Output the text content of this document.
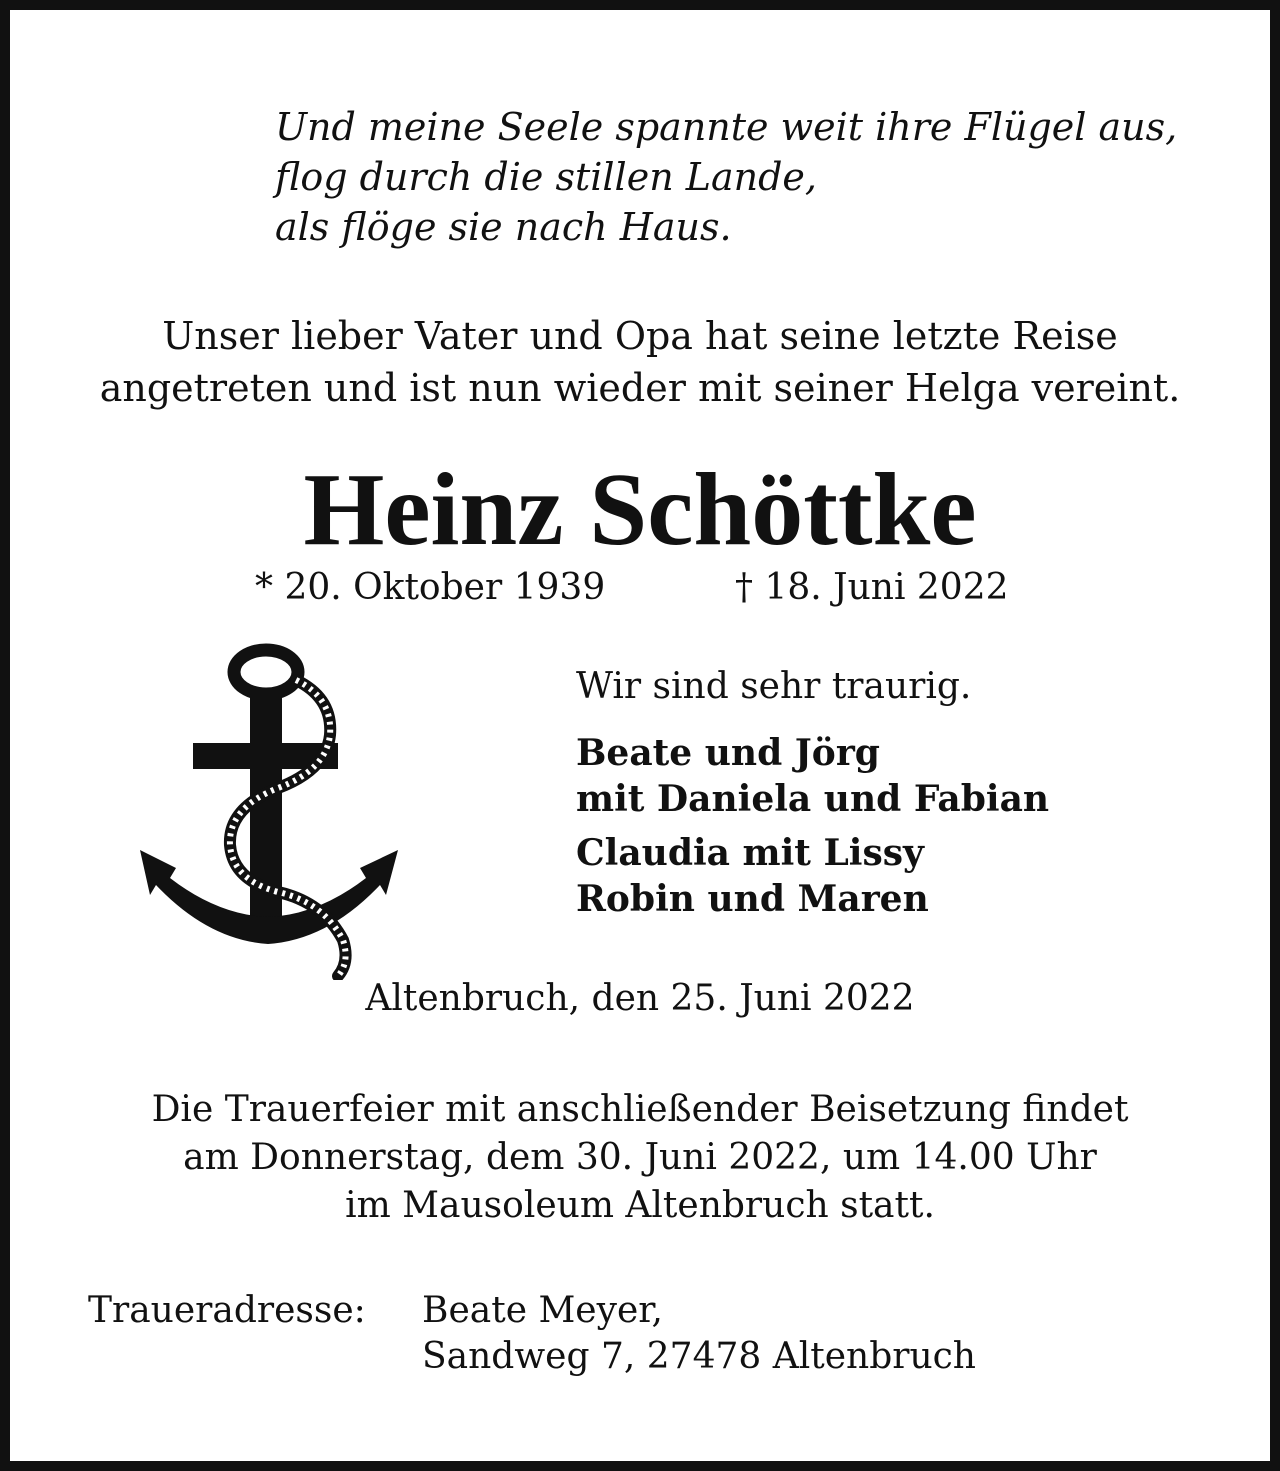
Und meine Seele spannte weit ihre Flügel aus,
flog durch die stillen Lande,
als flöge sie nach Haus.
Unser lieber Vater und Opa hat seine letzte Reise
angetreten und ist nun wieder mit seiner Helga vereint.
Heinz Schöttke
* 20. Oktober 1939	† 18. Juni 2022
Wir sind sehr traurig.
Beate und Jörg
mit Daniela und Fabian
Claudia mit Lissy
Robin und Maren
Altenbruch, den 25. Juni 2022
Die Trauerfeier mit anschließender Beisetzung findet
am Donnerstag, dem 30. Juni 2022, um 14.00 Uhr
im Mausoleum Altenbruch statt.
Traueradresse: Beate Meyer,
Sandweg 7, 27478 Altenbruch
